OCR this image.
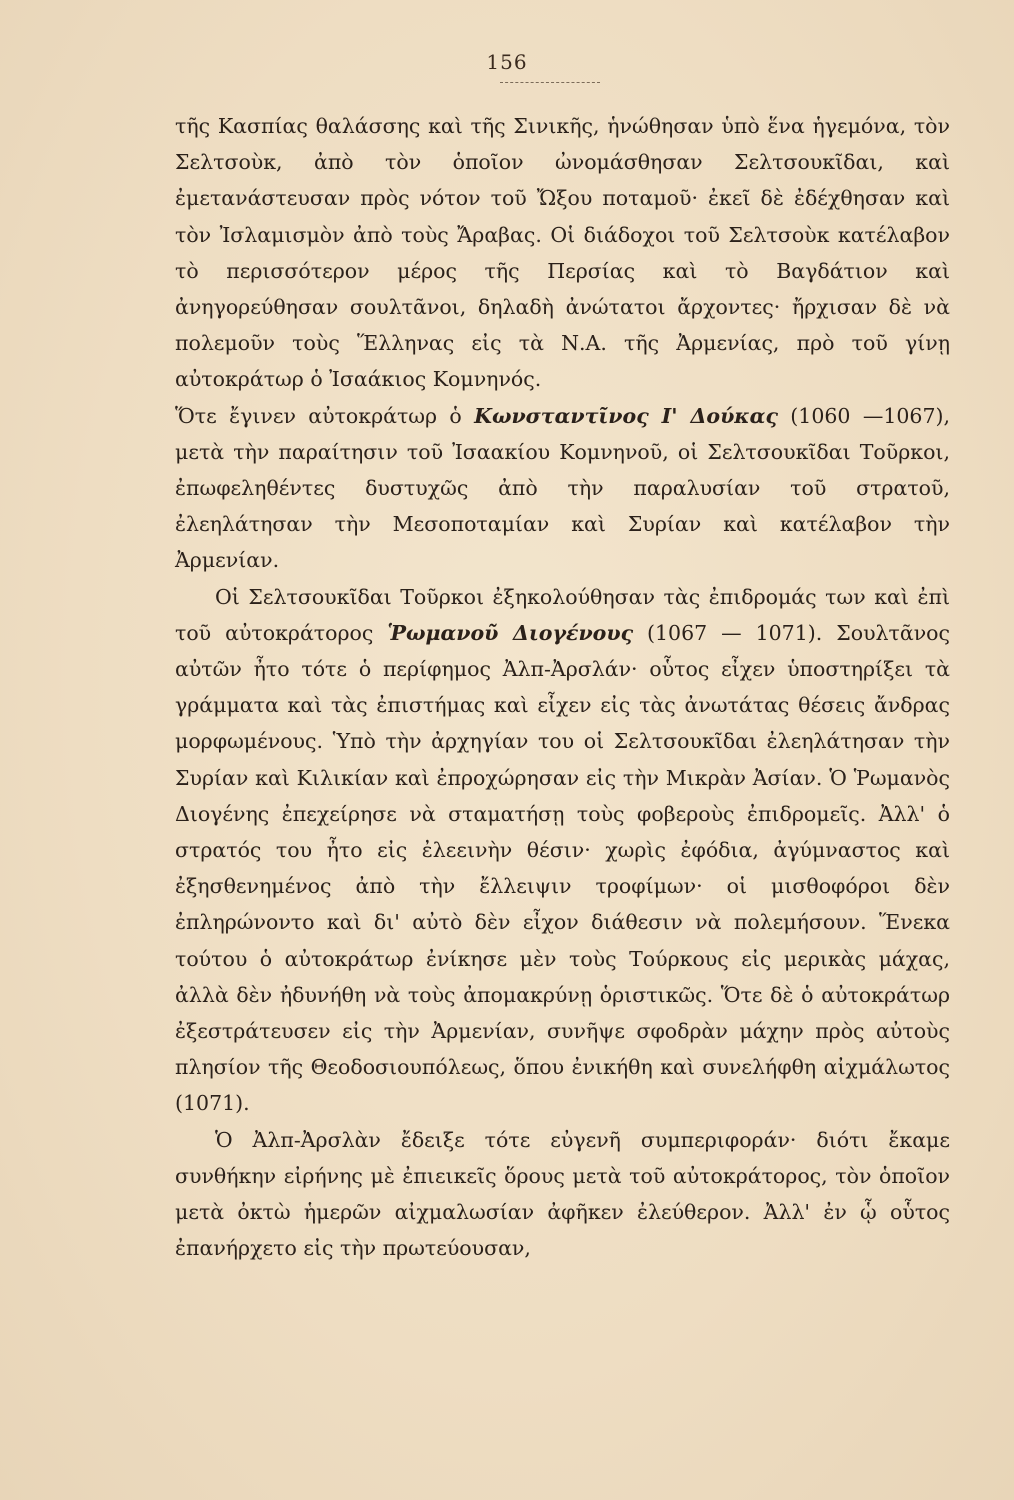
156

τῆς Κασπίας θαλάσσης καὶ τῆς Σινικῆς, ἡνώθησαν ὑπὸ ἕνα ἡγεμόνα, τὸν Σελτσοὺκ, ἀπὸ τὸν ὁποῖον ὠνομάσθησαν Σελτσουκῖδαι, καὶ ἐμετανάστευσαν πρὸς νότον τοῦ Ὤξου ποταμοῦ· ἐκεῖ δὲ ἐδέχθησαν καὶ τὸν Ἰσλαμισμὸν ἀπὸ τοὺς Ἄραβας. Οἱ διάδοχοι τοῦ Σελτσοὺκ κατέλαβον τὸ περισσότερον μέρος τῆς Περσίας καὶ τὸ Βαγδάτιον καὶ ἀνηγορεύθησαν σουλτᾶνοι, δηλαδὴ ἀνώτατοι ἄρχοντες· ἤρχισαν δὲ νὰ πολεμοῦν τοὺς Ἕλληνας εἰς τὰ Ν.Α. τῆς Ἀρμενίας, πρὸ τοῦ γίνῃ αὐτοκράτωρ ὁ Ἰσαάκιος Κομνηνός.

Ὅτε ἔγινεν αὐτοκράτωρ ὁ Κωνσταντῖνος Ι' Δούκας (1060 —1067), μετὰ τὴν παραίτησιν τοῦ Ἰσαακίου Κομνηνοῦ, οἱ Σελτσουκῖδαι Τοῦρκοι, ἐπωφεληθέντες δυστυχῶς ἀπὸ τὴν παραλυσίαν τοῦ στρατοῦ, ἐλεηλάτησαν τὴν Μεσοποταμίαν καὶ Συρίαν καὶ κατέλαβον τὴν Ἀρμενίαν.

Οἱ Σελτσουκῖδαι Τοῦρκοι ἐξηκολούθησαν τὰς ἐπιδρομάς των καὶ ἐπὶ τοῦ αὐτοκράτορος Ῥωμανοῦ Διογένους (1067 — 1071). Σουλτᾶνος αὐτῶν ἦτο τότε ὁ περίφημος Ἀλπ-Ἀρσλάν· οὗτος εἶχεν ὑποστηρίξει τὰ γράμματα καὶ τὰς ἐπιστήμας καὶ εἶχεν εἰς τὰς ἀνωτάτας θέσεις ἄνδρας μορφωμένους. Ὑπὸ τὴν ἀρχηγίαν του οἱ Σελτσουκῖδαι ἐλεηλάτησαν τὴν Συρίαν καὶ Κιλικίαν καὶ ἐπροχώρησαν εἰς τὴν Μικρὰν Ἀσίαν. Ὁ Ῥωμανὸς Διογένης ἐπεχείρησε νὰ σταματήσῃ τοὺς φοβεροὺς ἐπιδρομεῖς. Ἀλλ' ὁ στρατός του ἦτο εἰς ἐλεεινὴν θέσιν· χωρὶς ἐφόδια, ἀγύμναστος καὶ ἐξησθενημένος ἀπὸ τὴν ἔλλειψιν τροφίμων· οἱ μισθοφόροι δὲν ἐπληρώνοντο καὶ δι' αὐτὸ δὲν εἶχον διάθεσιν νὰ πολεμήσουν. Ἕνεκα τούτου ὁ αὐτοκράτωρ ἐνίκησε μὲν τοὺς Τούρκους εἰς μερικὰς μάχας, ἀλλὰ δὲν ἠδυνήθη νὰ τοὺς ἀπομακρύνῃ ὁριστικῶς. Ὅτε δὲ ὁ αὐτοκράτωρ ἐξεστράτευσεν εἰς τὴν Ἀρμενίαν, συνῆψε σφοδρὰν μάχην πρὸς αὐτοὺς πλησίον τῆς Θεοδοσιουπόλεως, ὅπου ἐνικήθη καὶ συνελήφθη αἰχμάλωτος (1071).

Ὁ Ἀλπ-Ἀρσλὰν ἔδειξε τότε εὐγενῆ συμπεριφοράν· διότι ἔκαμε συνθήκην εἰρήνης μὲ ἐπιεικεῖς ὅρους μετὰ τοῦ αὐτοκράτορος, τὸν ὁποῖον μετὰ ὀκτὼ ἡμερῶν αἰχμαλωσίαν ἀφῆκεν ἐλεύθερον. Ἀλλ' ἐν ᾧ οὗτος ἐπανήρχετο εἰς τὴν πρωτεύουσαν,
